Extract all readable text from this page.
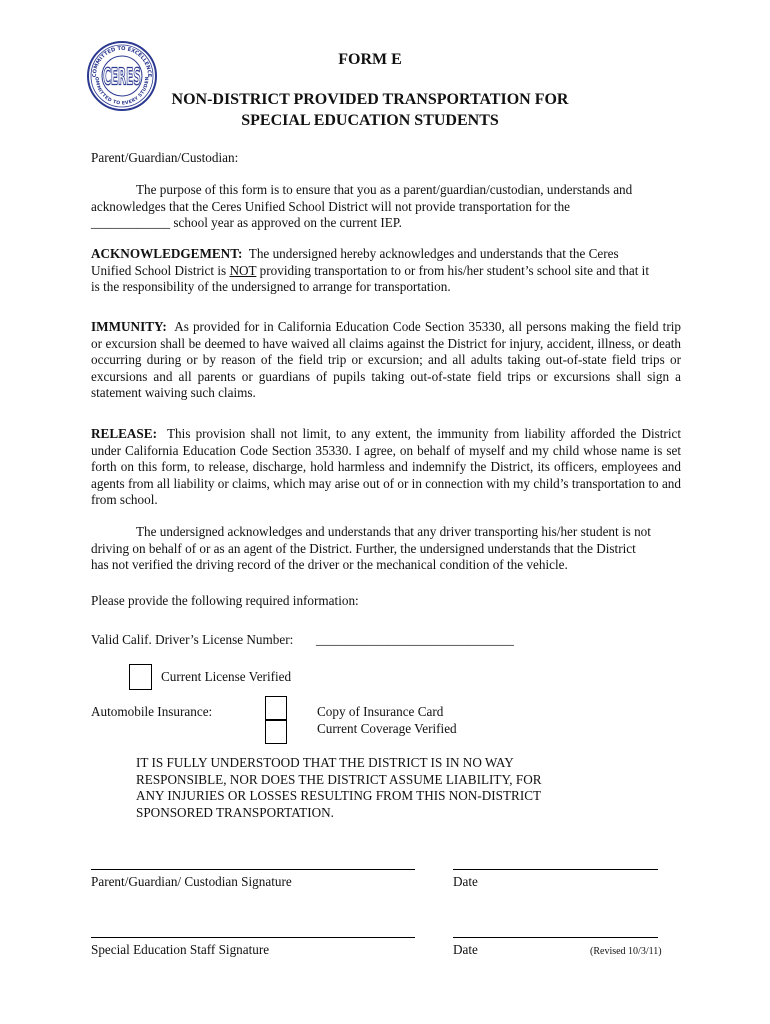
COMMITTED TO EXCELLENCE
OMMITTED TO EVERY STUDEN
CERES
FORM E
NON-DISTRICT PROVIDED TRANSPORTATION FOR
SPECIAL EDUCATION STUDENTS
Parent/Guardian/Custodian:
The purpose of this form is to ensure that you as a parent/guardian/custodian, understands and
acknowledges that the Ceres Unified School District will not provide transportation for the
____________ school year as approved on the current IEP.
ACKNOWLEDGEMENT: The undersigned hereby acknowledges and understands that the Ceres
Unified School District is NOT providing transportation to or from his/her student’s school site and that it
is the responsibility of the undersigned to arrange for transportation.
IMMUNITY: As provided for in California Education Code Section 35330, all persons making the field trip or excursion shall be deemed to have waived all claims against the District for injury, accident, illness, or death occurring during or by reason of the field trip or excursion; and all adults taking out-of-state field trips or excursions and all parents or guardians of pupils taking out-of-state field trips or excursions shall sign a statement waiving such claims.
RELEASE: This provision shall not limit, to any extent, the immunity from liability afforded the District under California Education Code Section 35330. I agree, on behalf of myself and my child whose name is set forth on this form, to release, discharge, hold harmless and indemnify the District, its officers, employees and agents from all liability or claims, which may arise out of or in connection with my child’s transportation to and from school.
The undersigned acknowledges and understands that any driver transporting his/her student is not
driving on behalf of or as an agent of the District. Further, the undersigned understands that the District
has not verified the driving record of the driver or the mechanical condition of the vehicle.
Please provide the following required information:
Valid Calif. Driver’s License Number: ______________________________
Current License Verified
Automobile Insurance:	Copy of Insurance Card
Current Coverage Verified
IT IS FULLY UNDERSTOOD THAT THE DISTRICT IS IN NO WAY
RESPONSIBLE, NOR DOES THE DISTRICT ASSUME LIABILITY, FOR
ANY INJURIES OR LOSSES RESULTING FROM THIS NON-DISTRICT
SPONSORED TRANSPORTATION.
Parent/Guardian/ Custodian Signature	Date
Special Education Staff Signature	Date	(Revised 10/3/11)
